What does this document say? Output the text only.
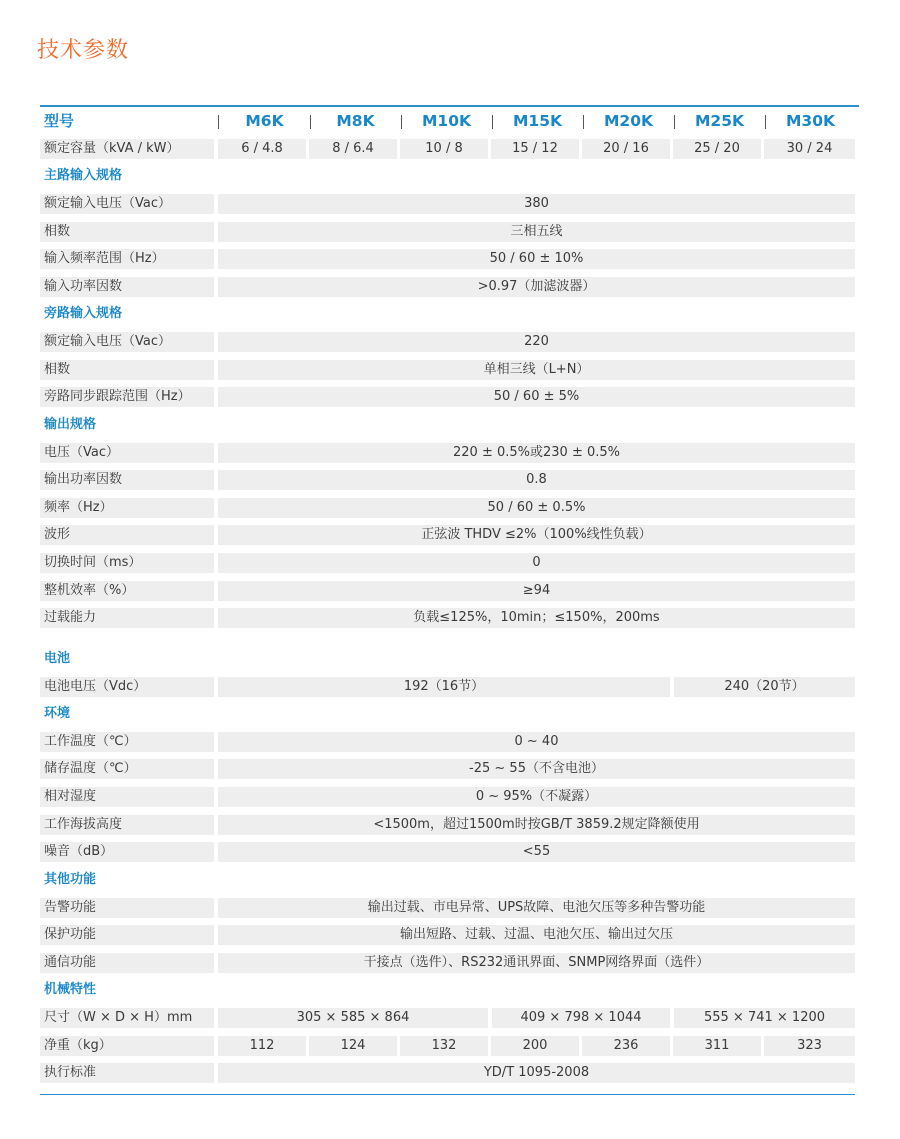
技术参数
型号	M6K	M8K	M10K	M15K	M20K	M25K	M30K
额定容量（kVA / kW）	6 / 4.8	8 / 6.4	10 / 8	15 / 12	20 / 16	25 / 20	30 / 24
主路输入规格
额定输入电压（Vac）	380
相数	三相五线
输入频率范围（Hz）	50 / 60 ± 10%
输入功率因数	>0.97（加滤波器）
旁路输入规格
额定输入电压（Vac）	220
相数	单相三线（L+N）
旁路同步跟踪范围（Hz）	50 / 60 ± 5%
输出规格
电压（Vac）	220 ± 0.5%或230 ± 0.5%
输出功率因数	0.8
频率（Hz）	50 / 60 ± 0.5%
波形	正弦波 THDV ≤2%（100%线性负载）
切换时间（ms）	0
整机效率（%）	≥94
过载能力	负载≤125%，10min；≤150%，200ms
电池
电池电压（Vdc）	192（16节）	240（20节）
环境
工作温度（℃）	0 ~ 40
储存温度（℃）	-25 ~ 55（不含电池）
相对湿度	0 ~ 95%（不凝露）
工作海拔高度	<1500m，超过1500m时按GB/T 3859.2规定降额使用
噪音（dB）	<55
其他功能
告警功能	输出过载、市电异常、UPS故障、电池欠压等多种告警功能
保护功能	输出短路、过载、过温、电池欠压、输出过欠压
通信功能	干接点（选件）、RS232通讯界面、SNMP网络界面（选件）
机械特性
尺寸（W × D × H）mm	305 × 585 × 864	409 × 798 × 1044	555 × 741 × 1200
净重（kg）	112	124	132	200	236	311	323
执行标准	YD/T 1095-2008
